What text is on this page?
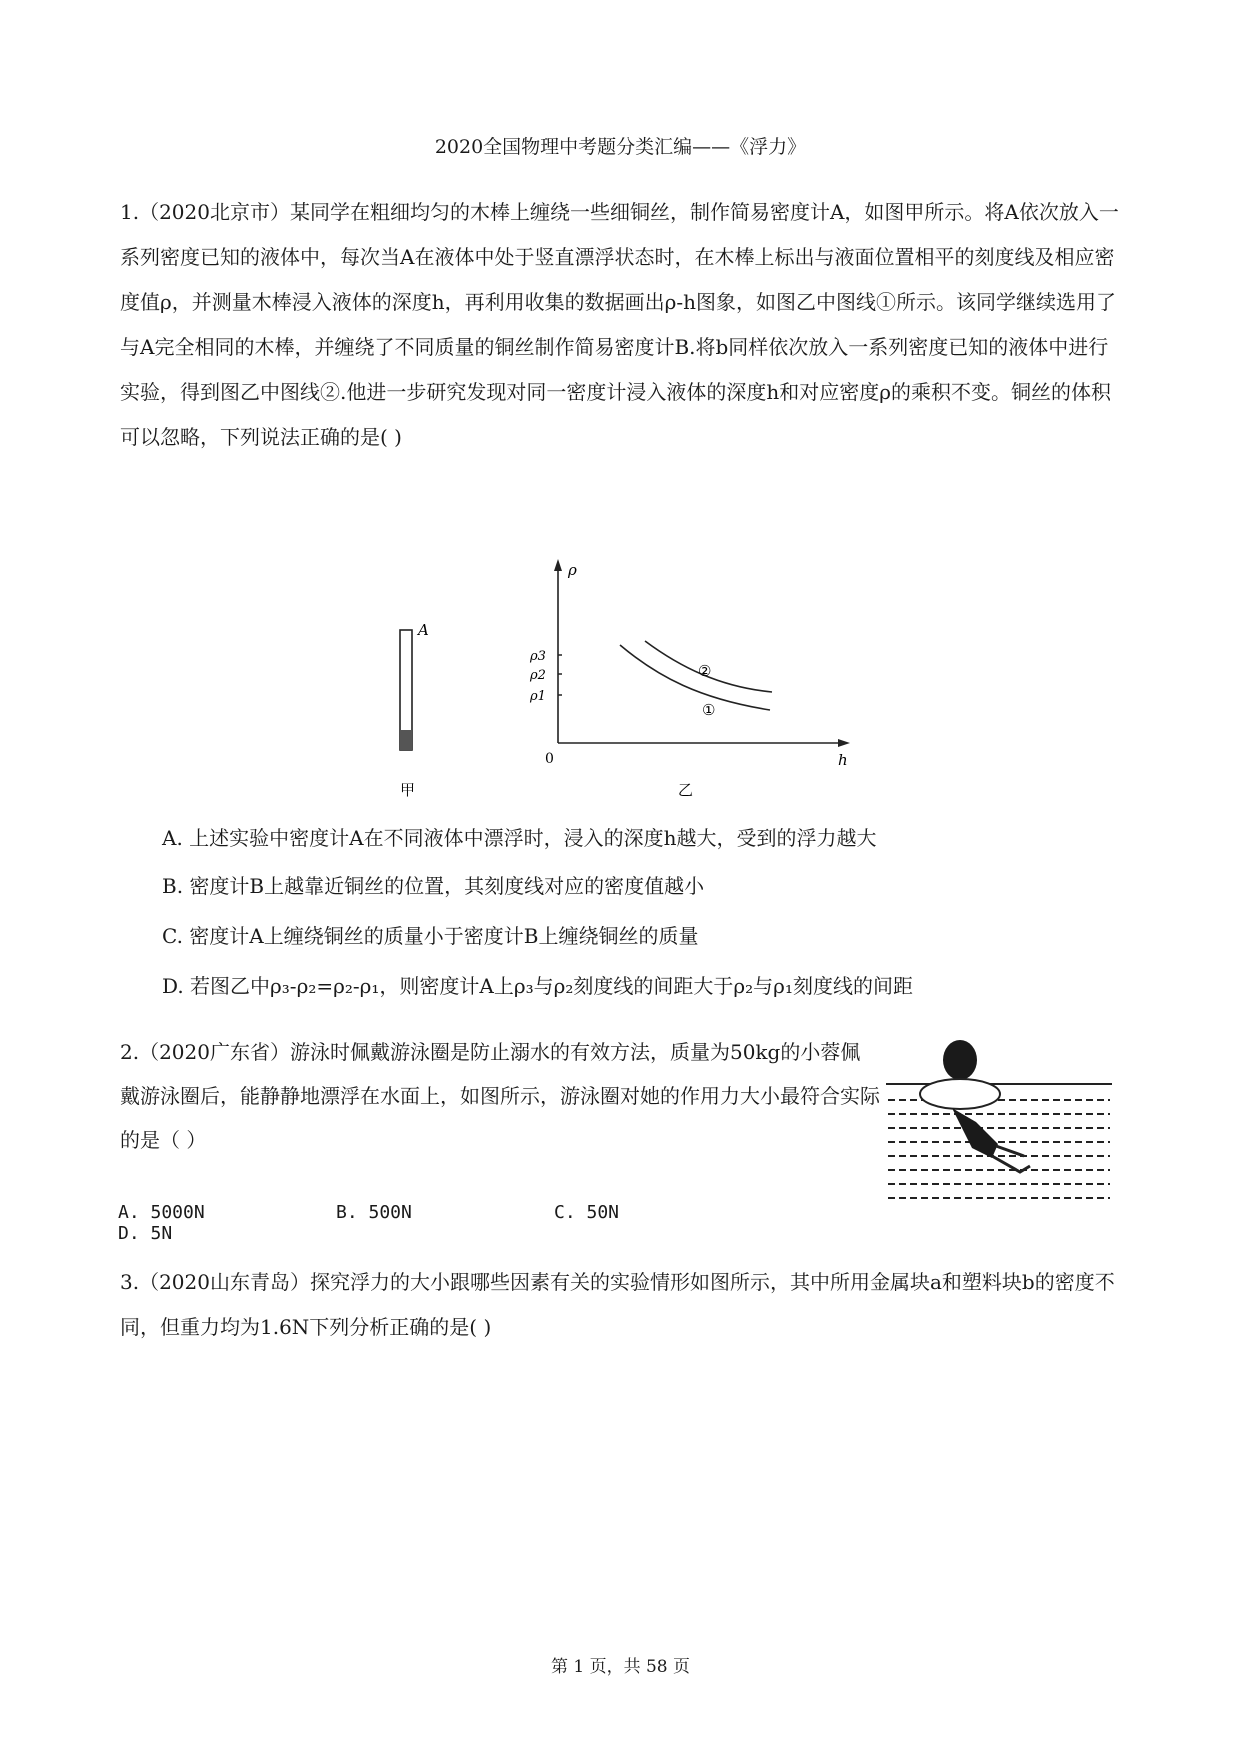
2020全国物理中考题分类汇编——《浮力》
1.（2020北京市）某同学在粗细均匀的木棒上缠绕一些细铜丝，制作简易密度计A，如图甲所示。将A依次放入一系列密度已知的液体中，每次当A在液体中处于竖直漂浮状态时，在木棒上标出与液面位置相平的刻度线及相应密度值ρ，并测量木棒浸入液体的深度h，再利用收集的数据画出ρ-h图象，如图乙中图线①所示。该同学继续选用了与A完全相同的木棒，并缠绕了不同质量的铜丝制作简易密度计B.将b同样依次放入一系列密度已知的液体中进行实验，得到图乙中图线②.他进一步研究发现对同一密度计浸入液体的深度h和对应密度ρ的乘积不变。铜丝的体积可以忽略，下列说法正确的是( )
A
甲
ρ
h
0
ρ3
ρ2
ρ1
②
①
乙
A. 上述实验中密度计A在不同液体中漂浮时，浸入的深度h越大，受到的浮力越大
B. 密度计B上越靠近铜丝的位置，其刻度线对应的密度值越小
C. 密度计A上缠绕铜丝的质量小于密度计B上缠绕铜丝的质量
D. 若图乙中ρ₃-ρ₂=ρ₂-ρ₁，则密度计A上ρ₃与ρ₂刻度线的间距大于ρ₂与ρ₁刻度线的间距
2.（2020广东省）游泳时佩戴游泳圈是防止溺水的有效方法，质量为50kg的小蓉佩戴游泳圈后，能静静地漂浮在水面上，如图所示，游泳圈对她的作用力大小最符合实际的是（ ）
A. 5000N	B. 500N	C. 50ND. 5N
3.（2020山东青岛）探究浮力的大小跟哪些因素有关的实验情形如图所示，其中所用金属块a和塑料块b的密度不同，但重力均为1.6N下列分析正确的是( )
第 1 页，共 58 页
